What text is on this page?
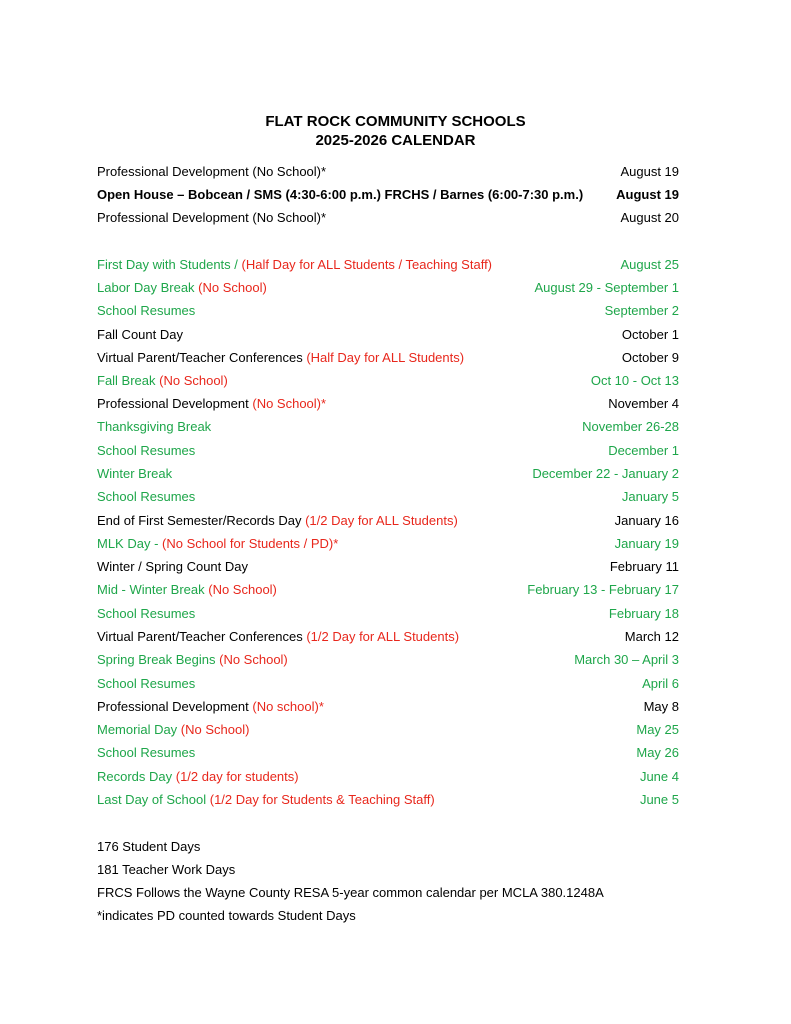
FLAT ROCK COMMUNITY SCHOOLS
2025-2026 CALENDAR
Professional Development (No School)*	August 19
Open House – Bobcean / SMS (4:30-6:00 p.m.) FRCHS / Barnes (6:00-7:30 p.m.)	August 19
Professional Development (No School)*	August 20
First Day with Students / (Half Day for ALL Students / Teaching Staff)	August 25
Labor Day Break (No School)	August 29 - September 1
School Resumes	September 2
Fall Count Day	October 1
Virtual Parent/Teacher Conferences (Half Day for ALL Students)	October 9
Fall Break (No School)	Oct 10 - Oct 13
Professional Development (No School)*	November 4
Thanksgiving Break	November 26-28
School Resumes	December 1
Winter Break	December 22 - January 2
School Resumes	January 5
End of First Semester/Records Day (1/2 Day for ALL Students)	January 16
MLK Day - (No School for Students / PD)*	January 19
Winter / Spring Count Day	February 11
Mid - Winter Break (No School)	February 13 - February 17
School Resumes	February 18
Virtual Parent/Teacher Conferences (1/2 Day for ALL Students)	March 12
Spring Break Begins (No School)	March 30 – April 3
School Resumes	April 6
Professional Development (No school)*	May 8
Memorial Day (No School)	May 25
School Resumes	May 26
Records Day (1/2 day for students)	June 4
Last Day of School (1/2 Day for Students & Teaching Staff)	June 5
176 Student Days
181 Teacher Work Days
FRCS Follows the Wayne County RESA 5-year common calendar per MCLA 380.1248A
*indicates PD counted towards Student Days
